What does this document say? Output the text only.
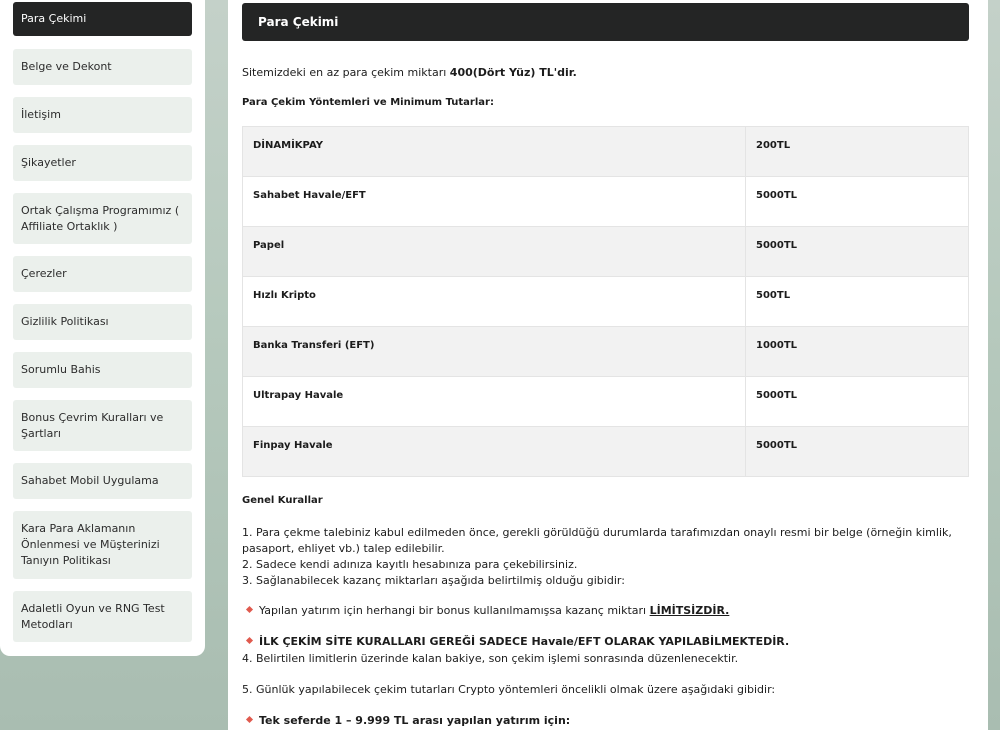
Para Çekimi
Belge ve Dekont
İletişim
Şikayetler
Ortak Çalışma Programımız ( Affiliate Ortaklık )
Çerezler
Gizlilik Politikası
Sorumlu Bahis
Bonus Çevrim Kuralları ve Şartları
Sahabet Mobil Uygulama
Kara Para Aklamanın Önlenmesi ve Müşterinizi Tanıyın Politikası
Adaletli Oyun ve RNG Test Metodları
Para Çekimi
Sitemizdeki en az para çekim miktarı 400(Dört Yüz) TL'dir.
Para Çekim Yöntemleri ve Minimum Tutarlar:
DİNAMİKPAY	200TL
Sahabet Havale/EFT	5000TL
Papel	5000TL
Hızlı Kripto	500TL
Banka Transferi (EFT)	1000TL
Ultrapay Havale	5000TL
Finpay Havale	5000TL
Genel Kurallar
1. Para çekme talebiniz kabul edilmeden önce, gerekli görüldüğü durumlarda tarafımızdan onaylı resmi bir belge (örneğin kimlik, pasaport, ehliyet vb.) talep edilebilir.
2. Sadece kendi adınıza kayıtlı hesabınıza para çekebilirsiniz.
3. Sağlanabilecek kazanç miktarları aşağıda belirtilmiş olduğu gibidir:
Yapılan yatırım için herhangi bir bonus kullanılmamışsa kazanç miktarı LİMİTSİZDİR.
İLK ÇEKİM SİTE KURALLARI GEREĞİ SADECE Havale/EFT OLARAK YAPILABİLMEKTEDİR.
4. Belirtilen limitlerin üzerinde kalan bakiye, son çekim işlemi sonrasında düzenlenecektir.
5. Günlük yapılabilecek çekim tutarları Crypto yöntemleri öncelikli olmak üzere aşağıdaki gibidir:
Tek seferde 1 – 9.999 TL arası yapılan yatırım için:
